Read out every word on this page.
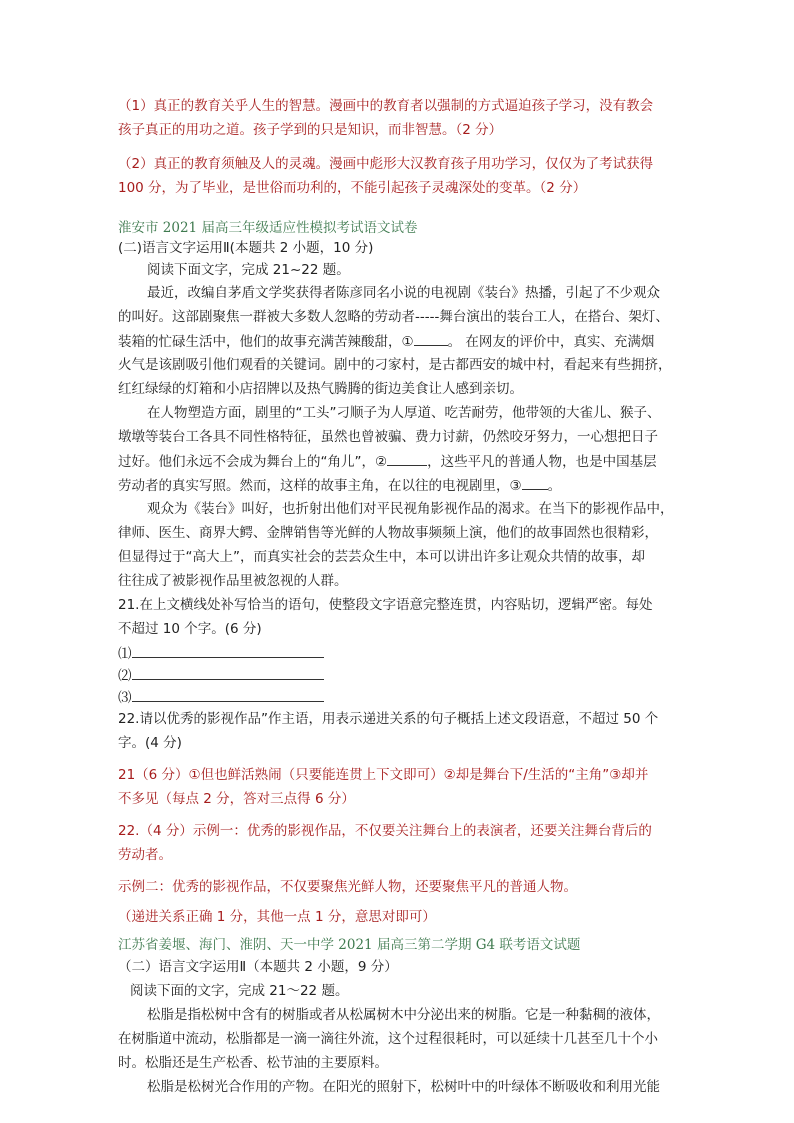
（1）真正的教育关乎人生的智慧。漫画中的教育者以强制的方式逼迫孩子学习，没有教会
孩子真正的用功之道。孩子学到的只是知识，而非智慧。（2 分）
（2）真正的教育须触及人的灵魂。漫画中彪形大汉教育孩子用功学习，仅仅为了考试获得
100 分，为了毕业，是世俗而功利的，不能引起孩子灵魂深处的变革。（2 分）
淮安市 2021 届高三年级适应性模拟考试语文试卷
(二)语言文字运用Ⅱ(本题共 2 小题，10 分)
阅读下面文字，完成 21~22 题。
最近，改编自茅盾文学奖获得者陈彦同名小说的电视剧《装台》热播，引起了不少观众
的叫好。这部剧聚焦一群被大多数人忽略的劳动者-----舞台演出的装台工人，在搭台、架灯、
装箱的忙碌生活中，他们的故事充满苦辣酸甜，①	。 在网友的评价中，真实、充满烟
火气是该剧吸引他们观看的关键词。剧中的刁家村，是古都西安的城中村，看起来有些拥挤，
红红绿绿的灯箱和小店招牌以及热气腾腾的街边美食让人感到亲切。
在人物塑造方面，剧里的“工头”刁顺子为人厚道、吃苦耐劳，他带领的大雀儿、猴子、
墩墩等装台工各具不同性格特征，虽然也曾被骗、费力讨薪，仍然咬牙努力，一心想把日子
过好。他们永远不会成为舞台上的“角儿”，②	，这些平凡的普通人物，也是中国基层
劳动者的真实写照。然而，这样的故事主角，在以往的电视剧里，③ 。
观众为《装台》叫好，也折射出他们对平民视角影视作品的渴求。在当下的影视作品中，
律师、医生、商界大鳄、金牌销售等光鲜的人物故事频频上演，他们的故事固然也很精彩，
但显得过于“高大上”，而真实社会的芸芸众生中，本可以讲出许多让观众共情的故事，却
往往成了被影视作品里被忽视的人群。
21.在上文横线处补写恰当的语句，使整段文字语意完整连贯，内容贴切，逻辑严密。每处
不超过 10 个字。(6 分)
⑴
⑵
⑶
22.请以优秀的影视作品”作主语，用表示递进关系的句子概括上述文段语意，不超过 50 个
字。(4 分)
21（6 分）①但也鲜活熟闹（只要能连贯上下文即可）②却是舞台下/生活的“主角”③却并
不多见（每点 2 分，答对三点得 6 分）
22.（4 分）示例一：优秀的影视作品，不仅要关注舞台上的表演者，还要关注舞台背后的
劳动者。
示例二：优秀的影视作品，不仅要聚焦光鲜人物，还要聚焦平凡的普通人物。
（递进关系正确 1 分，其他一点 1 分，意思对即可）
江苏省姜堰、海门、淮阴、天一中学 2021 届高三第二学期 G4 联考语文试题
（二）语言文字运用Ⅱ（本题共 2 小题，9 分）
阅读下面的文字，完成 21～22 题。
松脂是指松树中含有的树脂或者从松属树木中分泌出来的树脂。它是一种黏稠的液体，
在树脂道中流动，松脂都是一滴一滴往外流，这个过程很耗时，可以延续十几甚至几十个小
时。松脂还是生产松香、松节油的主要原料。
松脂是松树光合作用的产物。在阳光的照射下，松树叶中的叶绿体不断吸收和利用光能
